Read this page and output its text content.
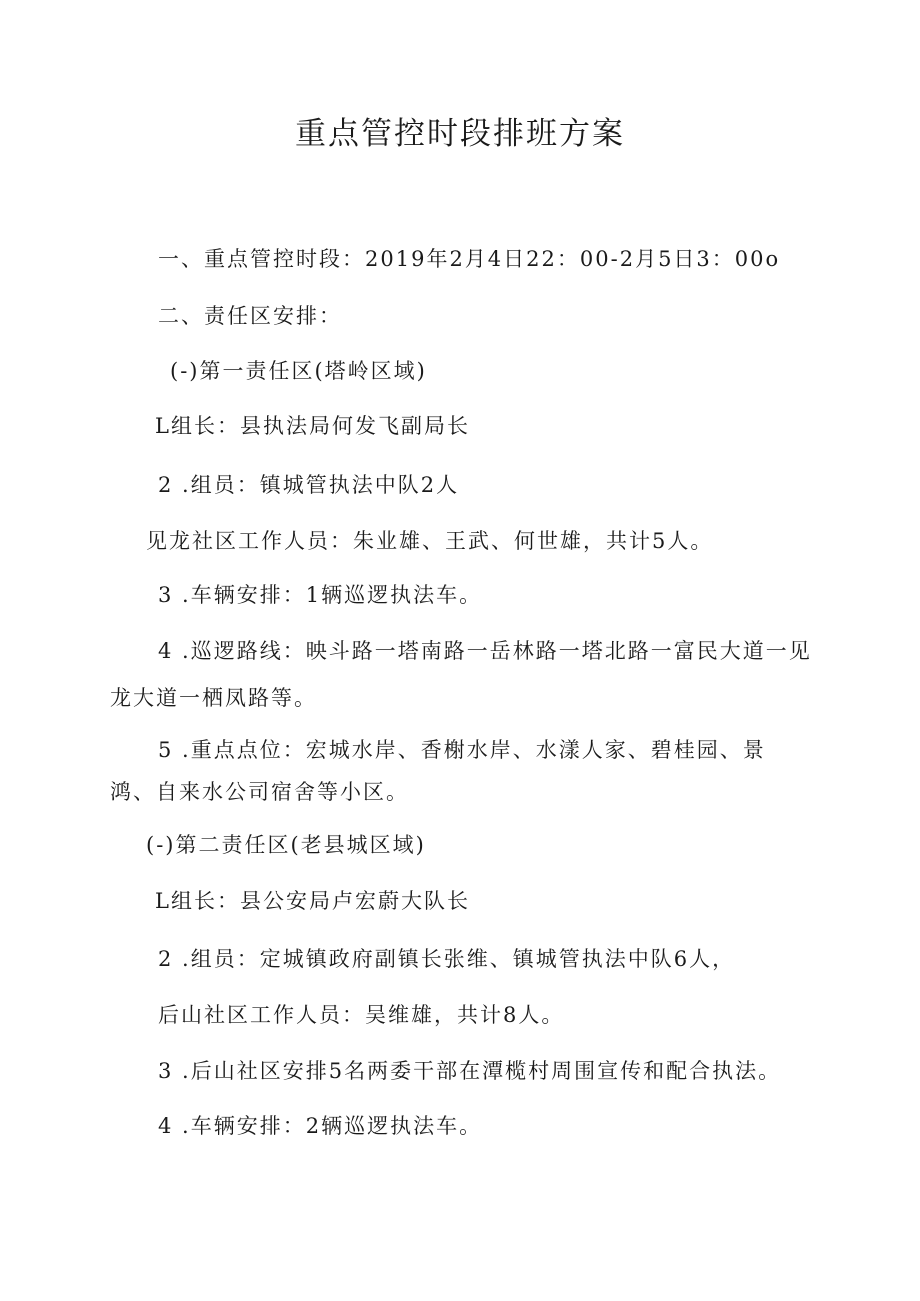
重点管控时段排班方案
一、重点管控时段：2019年2月4日22：00-2月5日3：00o
二、责任区安排：
(-)第一责任区(塔岭区域)
L组长：县执法局何发飞副局长
2 .组员：镇城管执法中队2人
见龙社区工作人员：朱业雄、王武、何世雄，共计5人。
3 .车辆安排：1辆巡逻执法车。
4 .巡逻路线：映斗路一塔南路一岳林路一塔北路一富民大道一见
龙大道一栖凤路等。
5 .重点点位：宏城水岸、香榭水岸、水漾人家、碧桂园、景
鸿、自来水公司宿舍等小区。
(-)第二责任区(老县城区域)
L组长：县公安局卢宏蔚大队长
2 .组员：定城镇政府副镇长张维、镇城管执法中队6人，
后山社区工作人员：吴维雄，共计8人。
3 .后山社区安排5名两委干部在潭榄村周围宣传和配合执法。
4 .车辆安排：2辆巡逻执法车。
